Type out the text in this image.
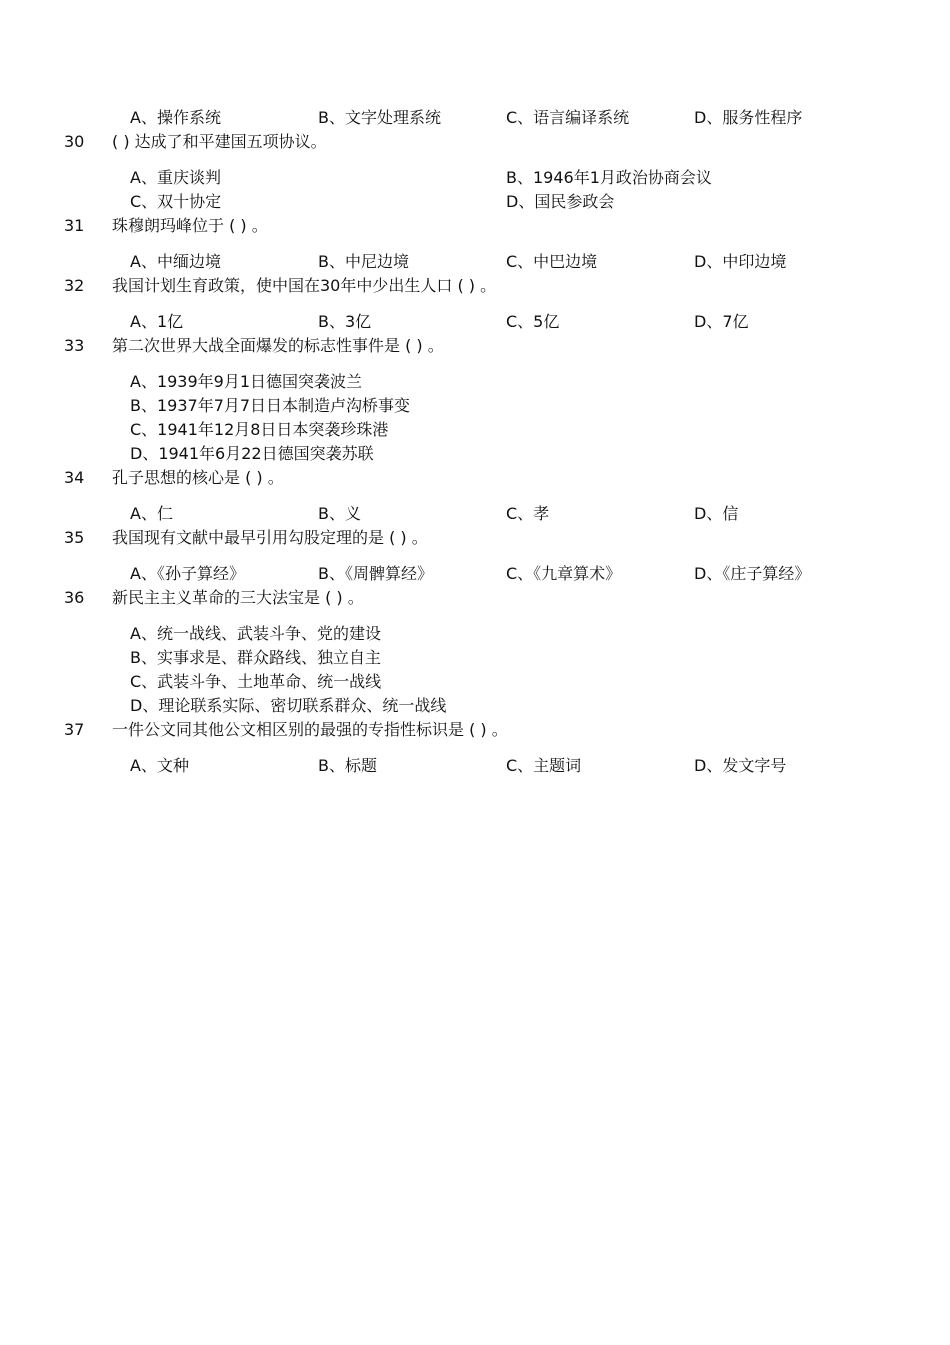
A、操作系统	B、文字处理系统	C、语言编译系统	D、服务性程序
30 ( ) 达成了和平建国五项协议。
A、重庆谈判	B、1946年1月政治协商会议
C、双十协定	D、国民参政会
31 珠穆朗玛峰位于 ( ) 。
A、中缅边境	B、中尼边境	C、中巴边境	D、中印边境
32 我国计划生育政策，使中国在30年中少出生人口 ( ) 。
A、1亿	B、3亿	C、5亿	D、7亿
33 第二次世界大战全面爆发的标志性事件是 ( ) 。
A、1939年9月1日德国突袭波兰
B、1937年7月7日日本制造卢沟桥事变
C、1941年12月8日日本突袭珍珠港
D、1941年6月22日德国突袭苏联
34 孔子思想的核心是 ( ) 。
A、仁	B、义	C、孝	D、信
35 我国现有文献中最早引用勾股定理的是 ( ) 。
A、《孙子算经》	B、《周髀算经》	C、《九章算术》	D、《庄子算经》
36 新民主主义革命的三大法宝是 ( ) 。
A、统一战线、武装斗争、党的建设
B、实事求是、群众路线、独立自主
C、武装斗争、土地革命、统一战线
D、理论联系实际、密切联系群众、统一战线
37 一件公文同其他公文相区别的最强的专指性标识是 ( ) 。
A、文种	B、标题	C、主题词	D、发文字号
